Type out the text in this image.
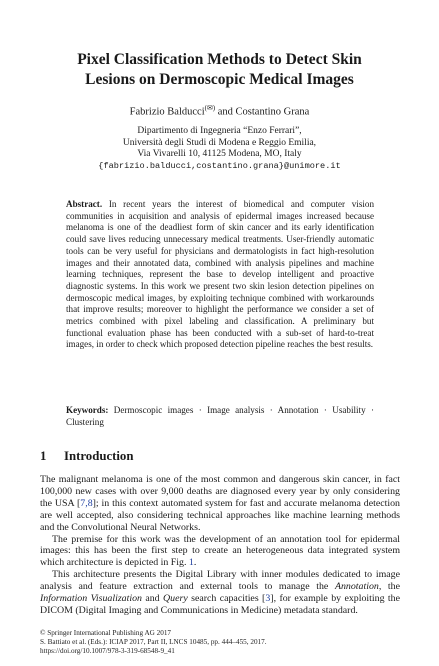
Pixel Classification Methods to Detect Skin
Lesions on Dermoscopic Medical Images
Fabrizio Balducci(✉) and Costantino Grana
Dipartimento di Ingegneria “Enzo Ferrari”,
Università degli Studi di Modena e Reggio Emilia,
Via Vivarelli 10, 41125 Modena, MO, Italy
{fabrizio.balducci,costantino.grana}@unimore.it
Abstract. In recent years the interest of biomedical and computer vision communities in acquisition and analysis of epidermal images increased because melanoma is one of the deadliest form of skin cancer and its early identification could save lives reducing unnecessary medical treatments. User-friendly automatic tools can be very useful for physicians and dermatologists in fact high-resolution images and their annotated data, combined with analysis pipelines and machine learning techniques, represent the base to develop intelligent and proactive diagnostic systems. In this work we present two skin lesion detection pipelines on dermoscopic medical images, by exploiting technique combined with workarounds that improve results; moreover to highlight the performance we consider a set of metrics combined with pixel labeling and classification. A preliminary but functional evaluation phase has been conducted with a sub-set of hard-to-treat images, in order to check which proposed detection pipeline reaches the best results.
Keywords: Dermoscopic images · Image analysis · Annotation · Usability · Clustering
1 Introduction

The malignant melanoma is one of the most common and dangerous skin cancer, in fact 100,000 new cases with over 9,000 deaths are diagnosed every year by only considering the USA [7,8]; in this context automated system for fast and accurate melanoma detection are well accepted, also considering technical approaches like machine learning methods and the Convolutional Neural Networks.

The premise for this work was the development of an annotation tool for epidermal images: this has been the first step to create an heterogeneous data integrated system which architecture is depicted in Fig. 1.

This architecture presents the Digital Library with inner modules dedicated to image analysis and feature extraction and external tools to manage the Annotation, the Information Visualization and Query search capacities [3], for example by exploiting the DICOM (Digital Imaging and Communications in Medicine) metadata standard.

© Springer International Publishing AG 2017
S. Battiato et al. (Eds.): ICIAP 2017, Part II, LNCS 10485, pp. 444–455, 2017.
https://doi.org/10.1007/978-3-319-68548-9_41
